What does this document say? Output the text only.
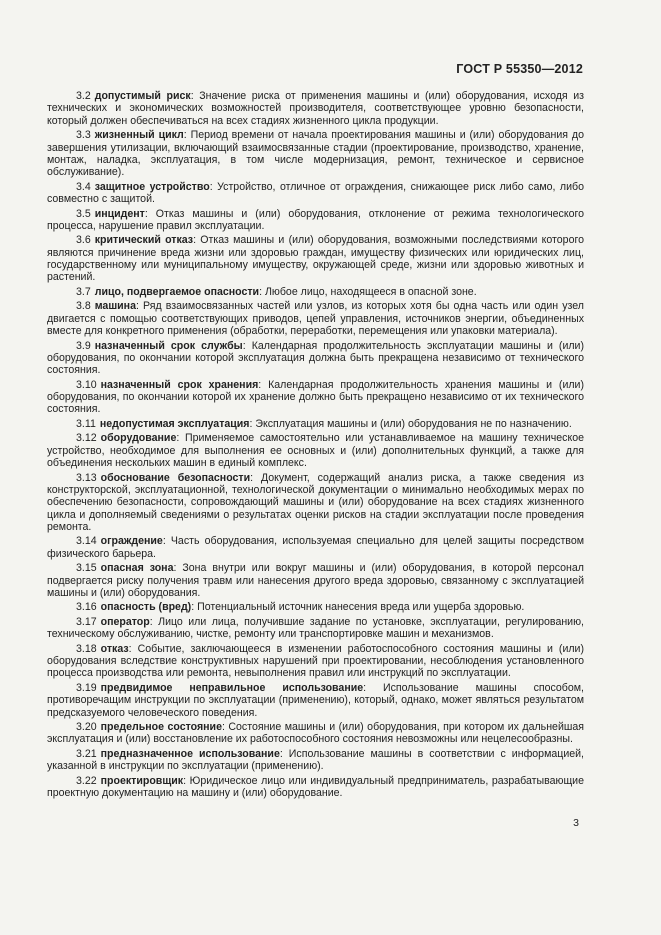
ГОСТ Р 55350—2012

3.2 допустимый риск: Значение риска от применения машины и (или) оборудования, исходя из технических и экономических возможностей производителя, соответствующее уровню безопасности, который должен обеспечиваться на всех стадиях жизненного цикла продукции.

3.3 жизненный цикл: Период времени от начала проектирования машины и (или) оборудования до завершения утилизации, включающий взаимосвязанные стадии (проектирование, производство, хранение, монтаж, наладка, эксплуатация, в том числе модернизация, ремонт, техническое и сервисное обслуживание).

3.4 защитное устройство: Устройство, отличное от ограждения, снижающее риск либо само, либо совместно с защитой.

3.5 инцидент: Отказ машины и (или) оборудования, отклонение от режима технологического процесса, нарушение правил эксплуатации.

3.6 критический отказ: Отказ машины и (или) оборудования, возможными последствиями которого являются причинение вреда жизни или здоровью граждан, имуществу физических или юридических лиц, государственному или муниципальному имуществу, окружающей среде, жизни или здоровью животных и растений.

3.7 лицо, подвергаемое опасности: Любое лицо, находящееся в опасной зоне.

3.8 машина: Ряд взаимосвязанных частей или узлов, из которых хотя бы одна часть или один узел двигается с помощью соответствующих приводов, цепей управления, источников энергии, объединенных вместе для конкретного применения (обработки, переработки, перемещения или упаковки материала).

3.9 назначенный срок службы: Календарная продолжительность эксплуатации машины и (или) оборудования, по окончании которой эксплуатация должна быть прекращена независимо от технического состояния.

3.10 назначенный срок хранения: Календарная продолжительность хранения машины и (или) оборудования, по окончании которой их хранение должно быть прекращено независимо от их технического состояния.

3.11 недопустимая эксплуатация: Эксплуатация машины и (или) оборудования не по назначению.

3.12 оборудование: Применяемое самостоятельно или устанавливаемое на машину техническое устройство, необходимое для выполнения ее основных и (или) дополнительных функций, а также для объединения нескольких машин в единый комплекс.

3.13 обоснование безопасности: Документ, содержащий анализ риска, а также сведения из конструкторской, эксплуатационной, технологической документации о минимально необходимых мерах по обеспечению безопасности, сопровождающий машины и (или) оборудование на всех стадиях жизненного цикла и дополняемый сведениями о результатах оценки рисков на стадии эксплуатации после проведения ремонта.

3.14 ограждение: Часть оборудования, используемая специально для целей защиты посредством физического барьера.

3.15 опасная зона: Зона внутри или вокруг машины и (или) оборудования, в которой персонал подвергается риску получения травм или нанесения другого вреда здоровью, связанному с эксплуатацией машины и (или) оборудования.

3.16 опасность (вред): Потенциальный источник нанесения вреда или ущерба здоровью.

3.17 оператор: Лицо или лица, получившие задание по установке, эксплуатации, регулированию, техническому обслуживанию, чистке, ремонту или транспортировке машин и механизмов.

3.18 отказ: Событие, заключающееся в изменении работоспособного состояния машины и (или) оборудования вследствие конструктивных нарушений при проектировании, несоблюдения установленного процесса производства или ремонта, невыполнения правил или инструкций по эксплуатации.

3.19 предвидимое неправильное использование: Использование машины способом, противоречащим инструкции по эксплуатации (применению), который, однако, может являться результатом предсказуемого человеческого поведения.

3.20 предельное состояние: Состояние машины и (или) оборудования, при котором их дальнейшая эксплуатация и (или) восстановление их работоспособного состояния невозможны или нецелесообразны.

3.21 предназначенное использование: Использование машины в соответствии с информацией, указанной в инструкции по эксплуатации (применению).

3.22 проектировщик: Юридическое лицо или индивидуальный предприниматель, разрабатывающие проектную документацию на машину и (или) оборудование.

3
